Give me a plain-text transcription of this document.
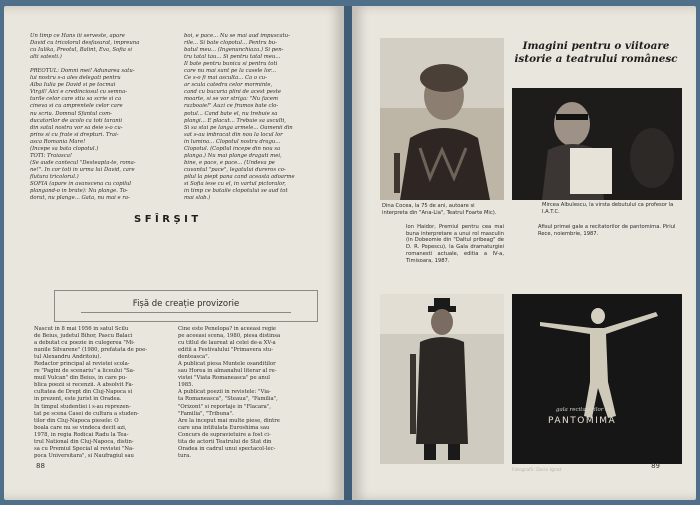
Un timp ce Hans iii serveste, apare

David cu tricolorul desfasurat, impreuna

cu Iulika, Preotul, Balint, Eva, Sofia si

alti satesti.)

PREOTUL: Domni mei! Adunarea satu-

lui nostru s-a ales delegati pentru

Alba Iulia pe David si pe tocmai

Virgil! Aici e credinciosul cu semna-

turile celor care stiu sa scrie si ca

cineva si cu amprentele celor care

nu scriu. Domnul Sfantul com-

ducatorilor de acolo ca toti taranii

din satul nostru vor sa deie s-o cu-

prins si cu frate si drepturi. Trai-

asca Romania Mare!

(Incepe sa bata clopotul.)

TOTI: Traiasca!

(Se aude cantecul "Desteapta-te, roma-

ne!". In cor toti in urma lui David, care

flutura tricolorul.)

SOFIA (apare in avanscena cu copilul

plangand-o in brate): Nu plange. To-

dorut, nu plange... Gata, nu mai e ra-

boi, e pace... Nu se mai aud impuscatu-

rile... Si bate clopotul... Pentru bu-

batul meu... (Ingenunchiaza.) Si pen-

tru tatal tau... Si pentru tatal meu...

Il bate pentru bunica si pentru toti

care nu mai sunt pe la casele lor...

Ce s-o fi mai asculta... Ca o cu-

ar scula catedra celor morminte,

cand cu bucuria plini de acest peste

moarte, si se vor striga: "Nu facem

razboaie!" Auzi ce frumos bate clo-

potul... Cand bate el, nu trebuie sa

plangi... E placut... Trebuie sa asculti,

Si sa stai pe langa armele... Oamenii din

sat s-au imbracat din nou la locul lor

in lumina... Clopotul nostru dragu...

Clopotul. (Copilul incepe din nou sa

planga.) Nu mai plange draguti mei,

bine, e pace, e pace... (Undeva pe

cuvantul "pace", legatului dureros co-

pilul la piept pana cand aceasta adoarme

si Sofia iese cu el, in vartul pictoralor,

in timp ce bataile clopotului se aud tot

mai slab.)

SFÎRȘIT
Fișă de creație provizorie

Nascut in 8 mai 1956 in satul Scilu

de Beius, judetul Bihor, Pascu Balaci

a debutat cu poezie in culegerea "Mi-

nunile Silvarene" (1980, prefatata de poe-

tul Alexandru Andritoiu).

Redactor principal al revistei scola-

re "Pagini de scenariu" a liceului "Sa-

muil Vulcan" din Beius, in care pu-

blica poezii si recenzii. A absolvit Fa-

cultatea de Drept din Cluj-Napoca si

in prezent, este jurist in Oradea.

In timpul studentiei i s-au reprezen-

tat pe scena Casei de cultura a studen-

tilor din Cluj-Napoca piesele: O

boala care nu se vindeca decit azi,

1978, in regia Rodicai Radu la Tea-

trul National din Cluj-Napoca, distin-

sa cu Premiul Special al revistei "Na-

poca Universitara", si Naufragiul sau

Cine este Penelopa? in aceeasi regie

pe aceeasi scena, 1980, piesa distinsa

cu titlul de laureat al celei de-a XV-a

editii a Festivalului "Primavera stu-

denteasca".

A publicat piesa Muntele osanditilor

sau Horea in almanahul literar al re-

vistei "Viata Romaneasca" pe anul

1985.

A publicat poezii in revistele: "Via-

ta Romaneasca", "Steaua", "Familia",

"Orizont" si reportaje in "Flacara",

"Familia", "Tribuna".

Are la inceput mai multe piese, dintre

care una intitulata Euroshima sau

Concurs de supravietuire a fost ci-

tita de actorii Teatrului de Stat din

Oradea in cadrul unui spectacol-lec-

tura.

88
Dina Cocea, la 75 de ani, autoare si interpreta din "Ana-Lia", Teatrul Foarte Mic).
Imagini pentru o viitoare istorie a teatrului românesc
Mircea Albulescu, la virsta debutului ca profesor la I.A.T.C.
Ion Haidor, Premiul pentru cea mai buna interpretare a unui rol masculin (in Dobeomie din "Daltul pribeag" de D. R. Popescu), la Gala dramaturgiei romanesti actuale, editia a IV-a, Timisoara, 1987.
Afisul primei gale a recitatorilor de pantomima. Piriul Rece, noiembrie, 1987.
gala recitatorilor de
PANTOMIMA
Fotografii: Dorin Ignat
89
